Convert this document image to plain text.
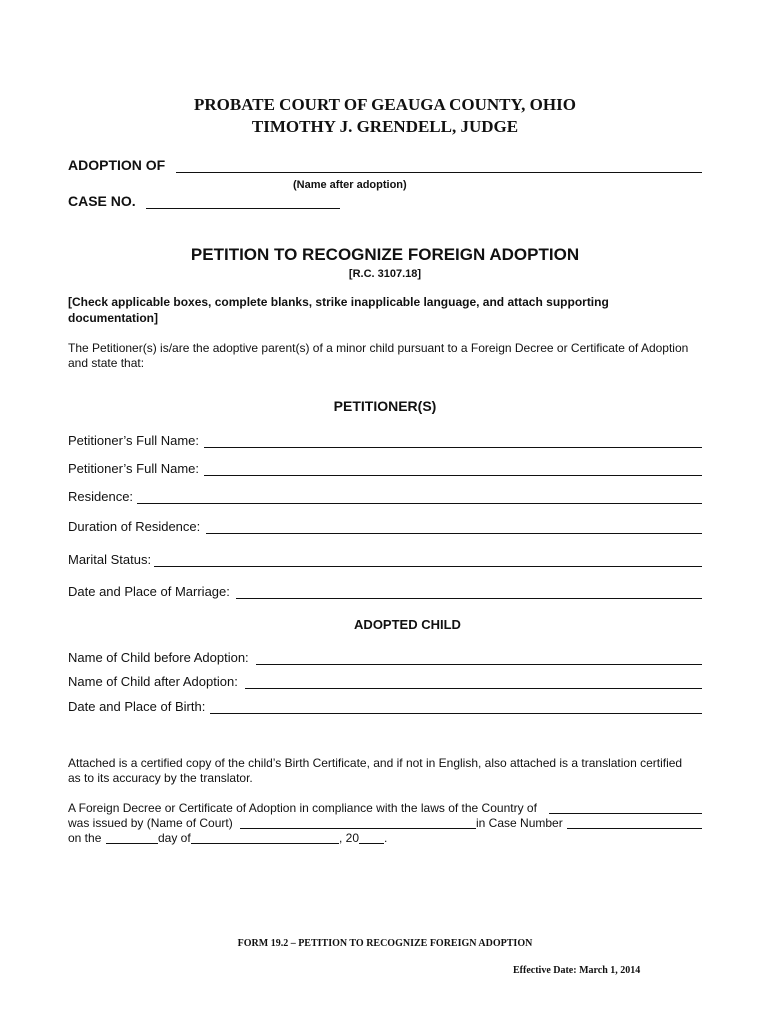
PROBATE COURT OF GEAUGA COUNTY, OHIO
TIMOTHY J. GRENDELL, JUDGE
ADOPTION OF
(Name after adoption)
CASE NO.
PETITION TO RECOGNIZE FOREIGN ADOPTION
[R.C. 3107.18]
[Check applicable boxes, complete blanks, strike inapplicable language, and attach supporting
documentation]
The Petitioner(s) is/are the adoptive parent(s) of a minor child pursuant to a Foreign Decree or Certificate of Adoption
and state that:
PETITIONER(S)
Petitioner’s Full Name:
Petitioner’s Full Name:
Residence:
Duration of Residence:
Marital Status:
Date and Place of Marriage:
ADOPTED CHILD
Name of Child before Adoption:
Name of Child after Adoption:
Date and Place of Birth:
Attached is a certified copy of the child’s Birth Certificate, and if not in English, also attached is a translation certified
as to its accuracy by the translator.
A Foreign Decree or Certificate of Adoption in compliance with the laws of the Country of
was issued by (Name of Court)	in Case Number
on the	day of	, 20 .
FORM 19.2 – PETITION TO RECOGNIZE FOREIGN ADOPTION
Effective Date: March 1, 2014
